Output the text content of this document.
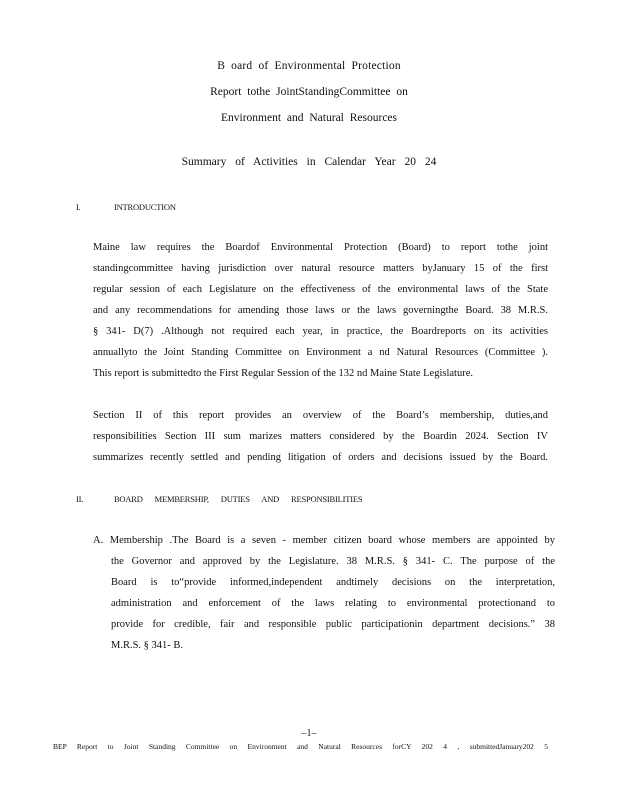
B oard of Environmental Protection
Report tothe JointStandingCommittee on
Environment and Natural Resources
Summary of Activities in Calendar Year 20 24
I.	INTRODUCTION
Maine law requires the Boardof Environmental Protection (Board) to report tothe joint
standingcommittee having jurisdiction over natural resource matters byJanuary 15 of the first
regular session of each Legislature on the effectiveness of the environmental laws of the State
and any recommendations for amending those laws or the laws governingthe Board. 38 M.R.S.
§ 341- D(7) .Although not required each year, in practice, the Boardreports on its activities
annuallyto the Joint Standing Committee on Environment a nd Natural Resources (Committee ).
This report is submittedto the First Regular Session of the 132 nd Maine State Legislature.
Section II of this report provides an overview of the Board’s membership, duties,and
responsibilities Section III sum marizes matters considered by the Boardin 2024. Section IV
summarizes recently settled and pending litigation of orders and decisions issued by the Board.
II.	BOARD MEMBERSHIP, DUTIES AND RESPONSIBILITIES
A. Membership .The Board is a seven - member citizen board whose members are appointed by
the Governor and approved by the Legislature. 38 M.R.S. § 341- C. The purpose of the
Board is to“provide informed,independent andtimely decisions on the interpretation,
administration and enforcement of the laws relating to environmental protectionand to
provide for credible, fair and responsible public participationin department decisions.” 38
M.R.S. § 341- B.
–1–
BEP Report to Joint Standing Committee on Environment and Natural Resources forCY 202 4 , submittedJanuary202 5
